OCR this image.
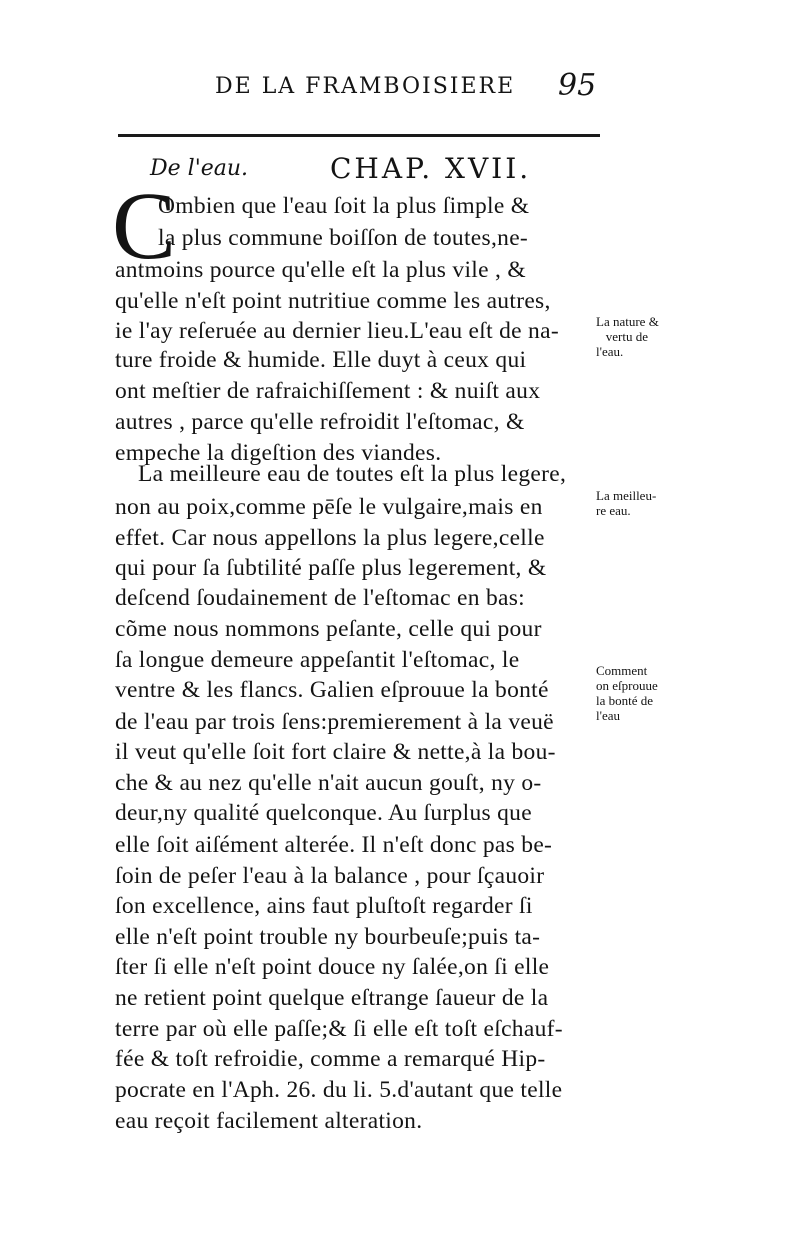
DE LA FRAMBOISIERE 95
De l'eau.	CHAP. XVII.
C
Ombien que l'eau ſoit la plus ſimple &
la plus commune boiſſon de toutes,ne-
antmoins pource qu'elle eſt la plus vile , &
qu'elle n'eſt point nutritiue comme les autres,
ie l'ay reſeruée au dernier lieu.L'eau eſt de na-
ture froide & humide. Elle duyt à ceux qui
ont meſtier de rafraichiſſement : & nuiſt aux
autres , parce qu'elle refroidit l'eſtomac, &
empeche la digeſtion des viandes.
La meilleure eau de toutes eſt la plus legere,
non au poix,comme pēſe le vulgaire,mais en
effet. Car nous appellons la plus legere,celle
qui pour ſa ſubtilité paſſe plus legerement, &
deſcend ſoudainement de l'eſtomac en bas:
cõme nous nommons peſante, celle qui pour
ſa longue demeure appeſantit l'eſtomac, le
ventre & les flancs. Galien eſprouue la bonté
de l'eau par trois ſens:premierement à la veuë
il veut qu'elle ſoit fort claire & nette,à la bou-
che & au nez qu'elle n'ait aucun gouſt, ny o-
deur,ny qualité quelconque. Au ſurplus que
elle ſoit aiſément alterée. Il n'eſt donc pas be-
ſoin de peſer l'eau à la balance , pour ſçauoir
ſon excellence, ains faut pluſtoſt regarder ſi
elle n'eſt point trouble ny bourbeuſe;puis ta-
ſter ſi elle n'eſt point douce ny ſalée,on ſi elle
ne retient point quelque eſtrange ſaueur de la
terre par où elle paſſe;& ſi elle eſt toſt eſchauf-
fée & toſt refroidie, comme a remarqué Hip-
pocrate en l'Aph. 26. du li. 5.d'autant que telle
eau reçoit facilement alteration.
La nature &
vertu de
l'eau.
La meilleu-
re eau.
Comment
on eſprouue
la bonté de
l'eau
